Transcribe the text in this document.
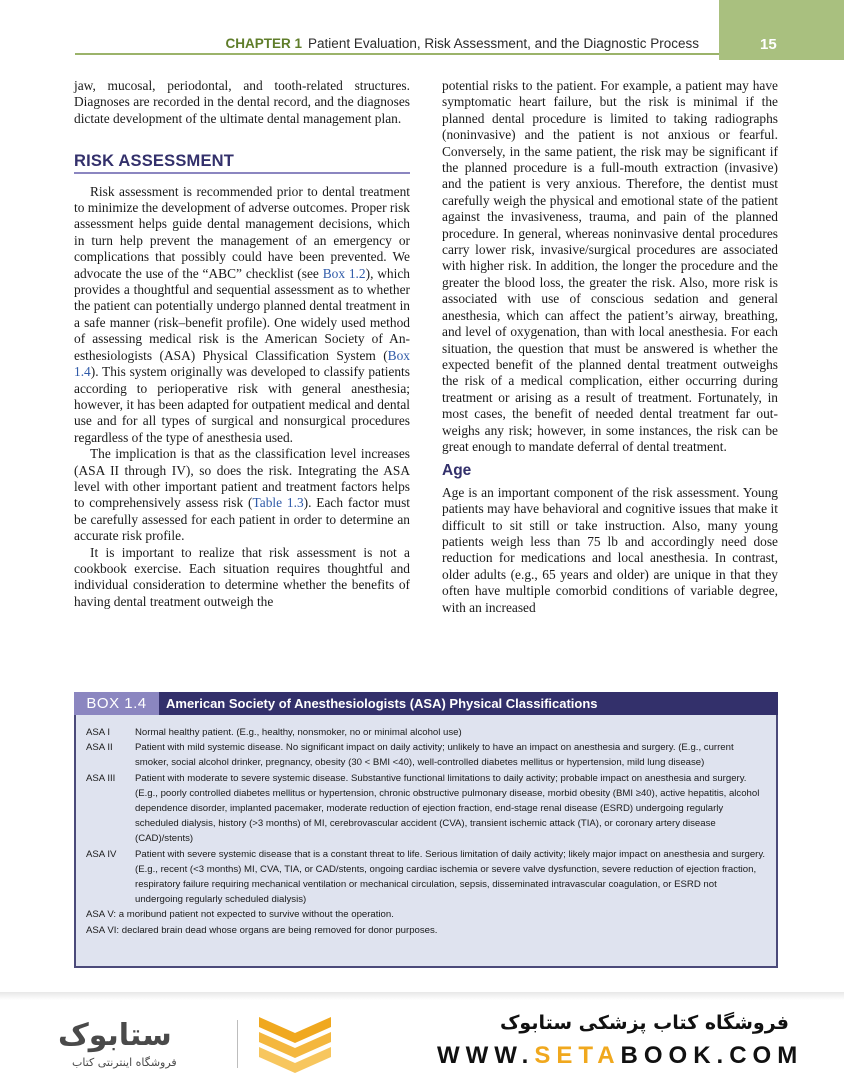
CHAPTER 1 Patient Evaluation, Risk Assessment, and the Diagnostic Process	15

jaw, mucosal, periodontal, and tooth-related structures. Diagnoses are recorded in the dental record, and the diagnoses dictate development of the ultimate dental management plan.

RISK ASSESSMENT

Risk assessment is recommended prior to dental treatment to minimize the development of adverse outcomes. Proper risk assessment helps guide dental management decisions, which in turn help prevent the management of an emergency or complications that possibly could have been prevented. We advocate the use of the “ABC” checklist (see Box 1.2), which provides a thoughtful and sequential assessment as to whether the patient can potentially undergo planned dental treatment in a safe manner (risk–benefit profile). One widely used method of assessing medical risk is the American Society of Anesthesiologists (ASA) Physical Classification System (Box 1.4). This system originally was developed to classify patients according to perioperative risk with general anesthesia; however, it has been adapted for outpatient medical and dental use and for all types of surgical and nonsurgical procedures regardless of the type of anesthesia used.

The implication is that as the classification level increases (ASA II through IV), so does the risk. Integrating the ASA level with other important patient and treatment factors helps to comprehensively assess risk (Table 1.3). Each factor must be carefully assessed for each patient in order to determine an accurate risk profile.

It is important to realize that risk assessment is not a cookbook exercise. Each situation requires thoughtful and individual consideration to determine whether the benefits of having dental treatment outweigh the

potential risks to the patient. For example, a patient may have symptomatic heart failure, but the risk is minimal if the planned dental procedure is limited to taking radiographs (noninvasive) and the patient is not anxious or fearful. Conversely, in the same patient, the risk may be significant if the planned procedure is a full-mouth extraction (invasive) and the patient is very anxious. Therefore, the dentist must carefully weigh the physical and emotional state of the patient against the invasiveness, trauma, and pain of the planned procedure. In general, whereas noninvasive dental procedures carry lower risk, invasive/surgical procedures are associated with higher risk. In addition, the longer the procedure and the greater the blood loss, the greater the risk. Also, more risk is associated with use of conscious sedation and general anesthesia, which can affect the patient’s airway, breathing, and level of oxygenation, than with local anesthesia. For each situation, the question that must be answered is whether the expected benefit of the planned dental treatment outweighs the risk of a medical complication, either occurring during treatment or arising as a result of treatment. Fortunately, in most cases, the benefit of needed dental treatment far outweighs any risk; however, in some instances, the risk can be great enough to mandate deferral of dental treatment.

Age

Age is an important component of the risk assessment. Young patients may have behavioral and cognitive issues that make it difficult to sit still or take instruction. Also, many young patients weigh less than 75 lb and accordingly need dose reduction for medications and local anesthesia. In contrast, older adults (e.g., 65 years and older) are unique in that they often have multiple comorbid conditions of variable degree, with an increased

BOX 1.4	American Society of Anesthesiologists (ASA) Physical Classifications
ASA I	Normal healthy patient. (E.g., healthy, nonsmoker, no or minimal alcohol use)
ASA II	Patient with mild systemic disease. No significant impact on daily activity; unlikely to have an impact on anesthesia and surgery. (E.g., current smoker, social alcohol drinker, pregnancy, obesity (30 < BMI <40), well-controlled diabetes mellitus or hypertension, mild lung disease)
ASA III	Patient with moderate to severe systemic disease. Substantive functional limitations to daily activity; probable impact on anesthesia and surgery. (E.g., poorly controlled diabetes mellitus or hypertension, chronic obstructive pulmonary disease, morbid obesity (BMI ≥40), active hepatitis, alcohol dependence disorder, implanted pacemaker, moderate reduction of ejection fraction, end-stage renal disease (ESRD) undergoing regularly scheduled dialysis, history (>3 months) of MI, cerebrovascular accident (CVA), transient ischemic attack (TIA), or coronary artery disease (CAD)/stents)
ASA IV	Patient with severe systemic disease that is a constant threat to life. Serious limitation of daily activity; likely major impact on anesthesia and surgery. (E.g., recent (<3 months) MI, CVA, TIA, or CAD/stents, ongoing cardiac ischemia or severe valve dysfunction, severe reduction of ejection fraction, respiratory failure requiring mechanical ventilation or mechanical circulation, sepsis, disseminated intravascular coagulation, or ESRD not undergoing regularly scheduled dialysis)
ASA V: a moribund patient not expected to survive without the operation.
ASA VI: declared brain dead whose organs are being removed for donor purposes.
ستابوک
فروشگاه اینترنتی کتاب
فروشگاه کتاب پزشکی ستابوک
WWW.SETABOOK.COM
